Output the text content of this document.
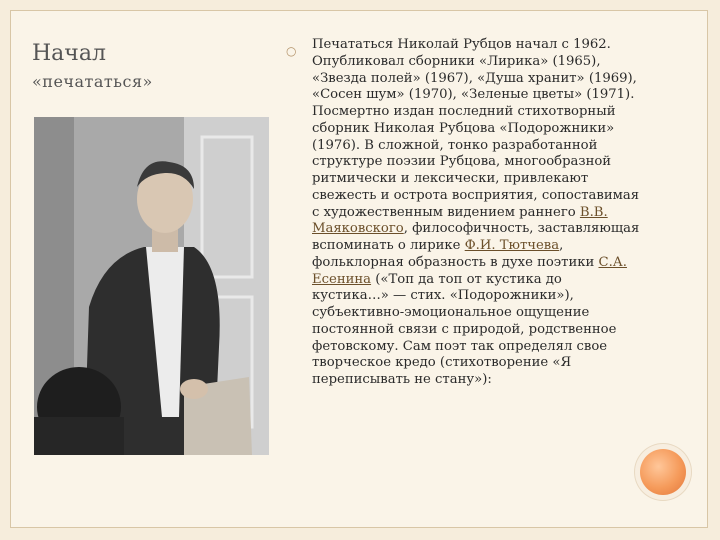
Начал
«печататься»
○ Печататься Николай Рубцов начал с 1962. Опубликовал сборники «Лирика» (1965), «Звезда полей» (1967), «Душа хранит» (1969), «Сосен шум» (1970), «Зеленые цветы» (1971). Посмертно издан последний стихотворный сборник Николая Рубцова «Подорожники» (1976). В сложной, тонко разработанной структуре поэзии Рубцова, многообразной ритмически и лексически, привлекают свежесть и острота восприятия, сопоставимая с художественным видением раннего В.В. Маяковского, философичность, заставляющая вспоминать о лирике Ф.И. Тютчева, фольклорная образность в духе поэтики С.А. Есенина («Топ да топ от кустика до кустика…» — стих. «Подорожники»), субъективно-эмоциональное ощущение постоянной связи с природой, родственное фетовскому. Сам поэт так определял свое творческое кредо (стихотворение «Я переписывать не стану»):
